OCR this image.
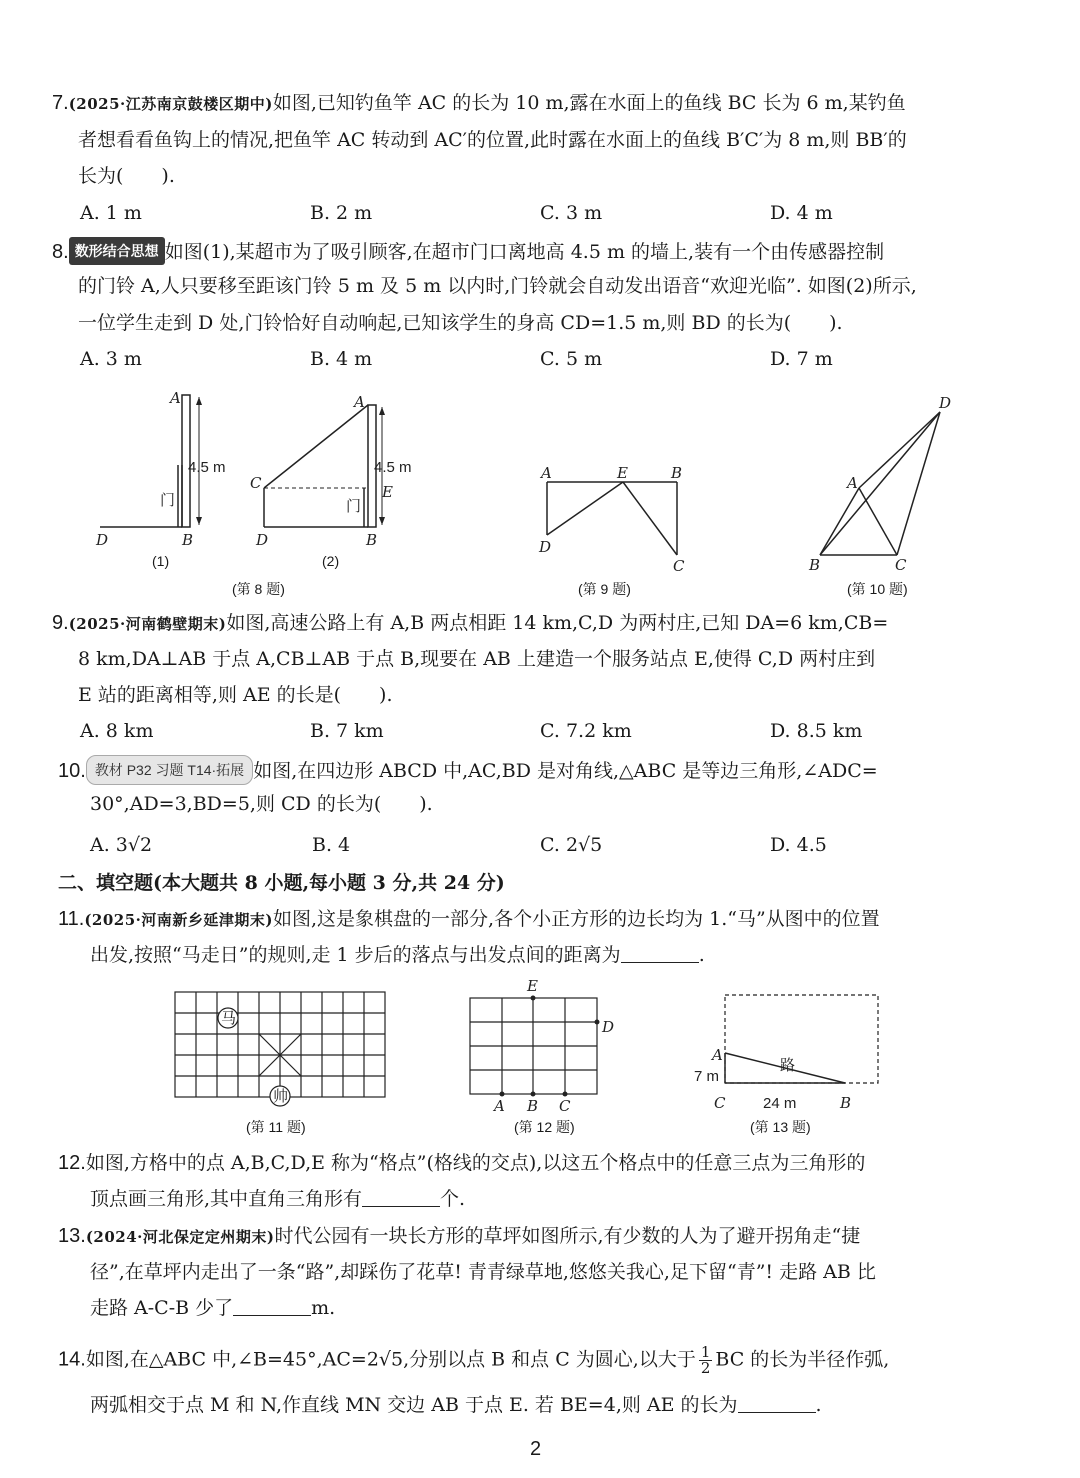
7.(2025·江苏南京鼓楼区期中)如图,已知钓鱼竿 AC 的长为 10 m,露在水面上的鱼线 BC 长为 6 m,某钓鱼
者想看看鱼钩上的情况,把鱼竿 AC 转动到 AC′的位置,此时露在水面上的鱼线 B′C′为 8 m,则 BB′的
长为(　　).
A. 1 m	B. 2 m	C. 3 m	D. 4 m
8. 数形结合思想 如图(1),某超市为了吸引顾客,在超市门口离地高 4.5 m 的墙上,装有一个由传感器控制
的门铃 A,人只要移至距该门铃 5 m 及 5 m 以内时,门铃就会自动发出语音“欢迎光临”. 如图(2)所示,
一位学生走到 D 处,门铃恰好自动响起,已知该学生的身高 CD=1.5 m,则 BD 的长为(　　).
A. 3 m	B. 4 m	C. 5 m	D. 7 m
A
B
D
4.5 m
门
(1)
A
C	E
D	B
4.5 m
门
(2)
(第 8 题)
A	E	B
D
C
(第 9 题)
D
A
B	C
(第 10 题)
9.(2025·河南鹤壁期末)如图,高速公路上有 A,B 两点相距 14 km,C,D 为两村庄,已知 DA=6 km,CB=
8 km,DA⊥AB 于点 A,CB⊥AB 于点 B,现要在 AB 上建造一个服务站点 E,使得 C,D 两村庄到
E 站的距离相等,则 AE 的长是(　　).
A. 8 km	B. 7 km	C. 7.2 km	D. 8.5 km
10. 教材 P32 习题 T14·拓展 如图,在四边形 ABCD 中,AC,BD 是对角线,△ABC 是等边三角形,∠ADC=
30°,AD=3,BD=5,则 CD 的长为(　　).
A. 3√2	B. 4	C. 2√5	D. 4.5
二、填空题(本大题共 8 小题,每小题 3 分,共 24 分)
11.(2025·河南新乡延津期末)如图,这是象棋盘的一部分,各个小正方形的边长均为 1.“马”从图中的位置
出发,按照“马走日”的规则,走 1 步后的落点与出发点间的距离为	.
马
帅
(第 11 题)
E
D
A B C
(第 12 题)
A
C	B
7 m
24 m
路
(第 13 题)
12.如图,方格中的点 A,B,C,D,E 称为“格点”(格线的交点),以这五个格点中的任意三点为三角形的
顶点画三角形,其中直角三角形有	个.
13.(2024·河北保定定州期末)时代公园有一块长方形的草坪如图所示,有少数的人为了避开拐角走“捷
径”,在草坪内走出了一条“路”,却踩伤了花草! 青青绿草地,悠悠关我心,足下留“青”! 走路 AB 比
走路 A-C-B 少了	m.
14.如图,在△ABC 中,∠B=45°,AC=2√5,分别以点 B 和点 C 为圆心,以大于 $\frac{1}{2}$ BC 的长为半径作弧,
两弧相交于点 M 和 N,作直线 MN 交边 AB 于点 E. 若 BE=4,则 AE 的长为	.
2
